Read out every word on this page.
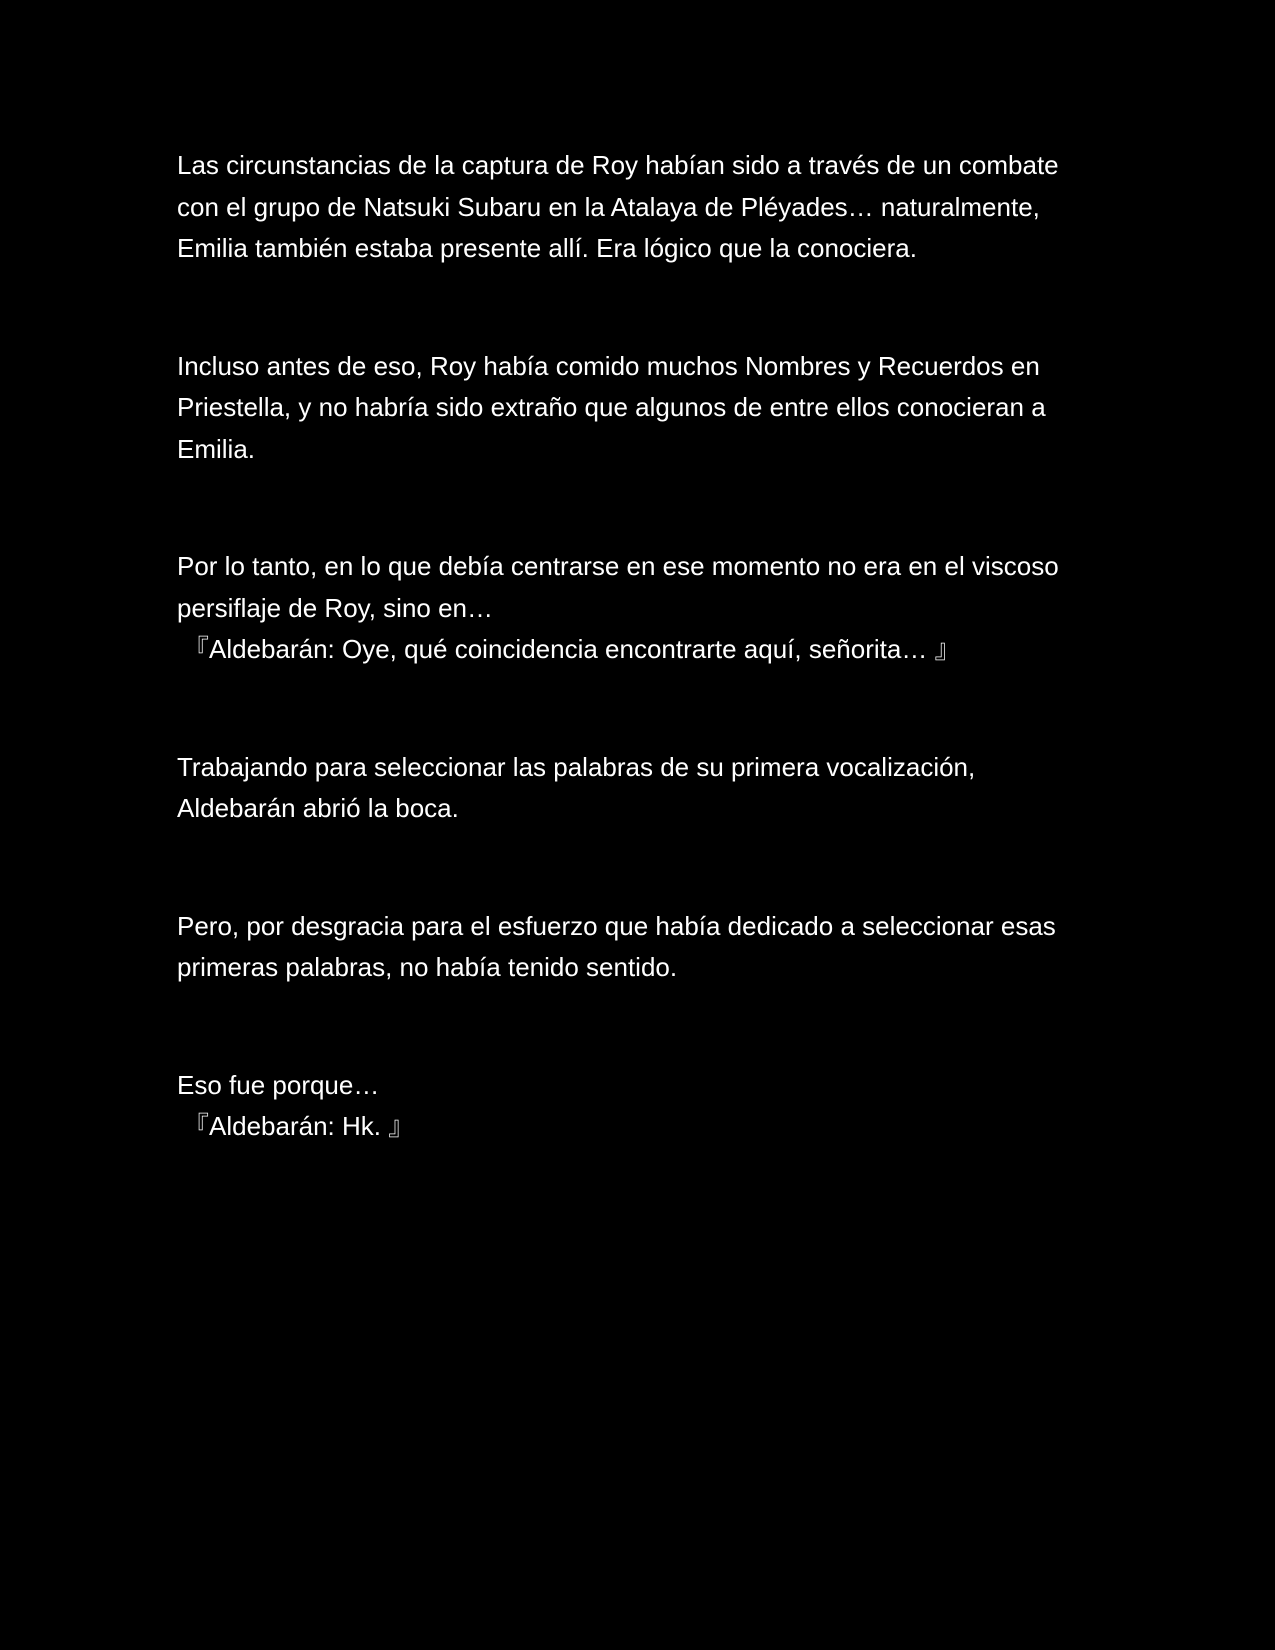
Las circunstancias de la captura de Roy habían sido a través de un combate con el grupo de Natsuki Subaru en la Atalaya de Pléyades… naturalmente, Emilia también estaba presente allí. Era lógico que la conociera.

Incluso antes de eso, Roy había comido muchos Nombres y Recuerdos en Priestella, y no habría sido extraño que algunos de entre ellos conocieran a Emilia.

Por lo tanto, en lo que debía centrarse en ese momento no era en el viscoso persiflaje de Roy, sino en…

『Aldebarán: Oye, qué coincidencia encontrarte aquí, señorita… 』

Trabajando para seleccionar las palabras de su primera vocalización, Aldebarán abrió la boca.

Pero, por desgracia para el esfuerzo que había dedicado a seleccionar esas primeras palabras, no había tenido sentido.

Eso fue porque…

『Aldebarán: Hk. 』
